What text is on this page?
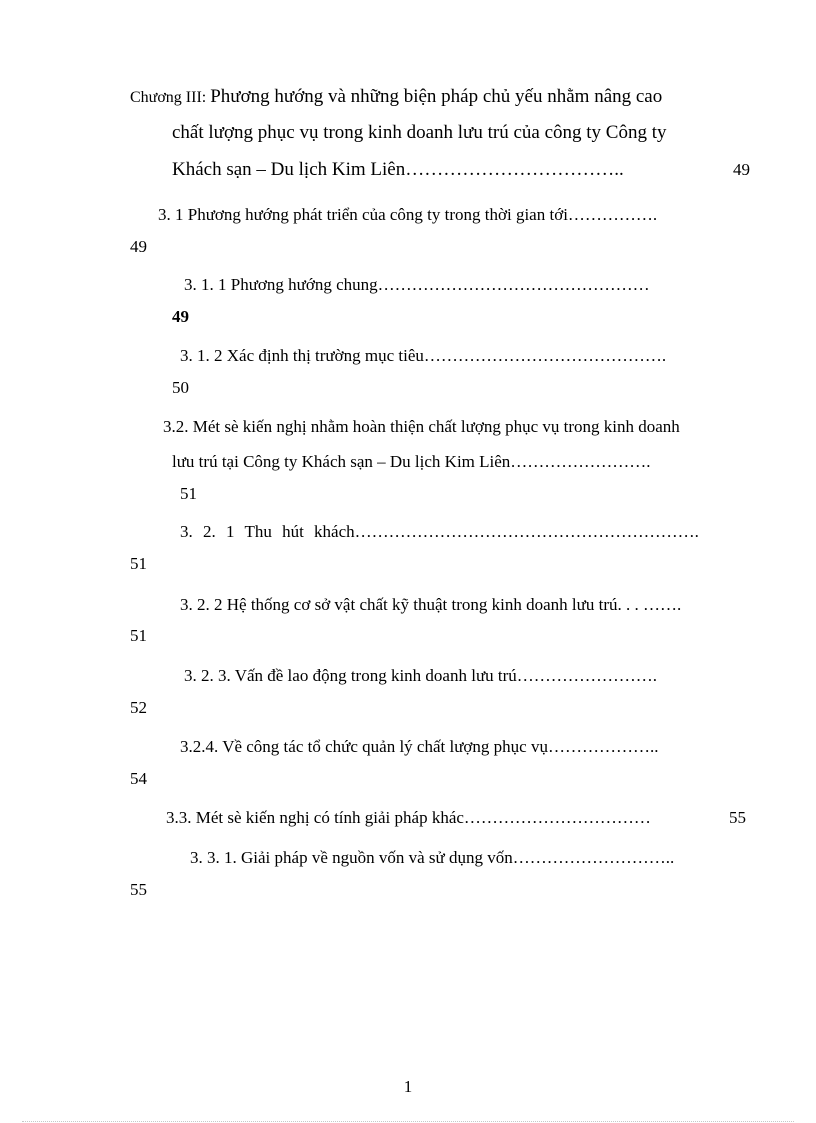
Chương III: Phương hướng và những biện pháp chủ yếu nhằm nâng cao
chất lượng phục vụ trong kinh doanh lưu trú của công ty Công ty
Khách sạn – Du lịch Kim Liên……………………………..	49
3. 1 Phương hướng phát triển của công ty trong thời gian tới…………….
49
3. 1. 1 Phương hướng chung…………………………………………
49
3. 1. 2 Xác định thị trường mục tiêu…………………………………….
50
3.2. Mét sè kiến nghị nhằm hoàn thiện chất lượng phục vụ trong kinh doanh
lưu trú tại Công ty Khách sạn – Du lịch Kim Liên…………………….
51
3. 2. 1 Thu hút khách…………………………………………………….
51
3. 2. 2 Hệ thống cơ sở vật chất kỹ thuật trong kinh doanh lưu trú. . . …….
51
3. 2. 3. Vấn đề lao động trong kinh doanh lưu trú…………………….
52
3.2.4. Về công tác tổ chức quản lý chất lượng phục vụ………………..
54
3.3. Mét sè kiến nghị có tính giải pháp khác……………………………	55
3. 3. 1. Giải pháp về nguồn vốn và sử dụng vốn………………………..
55
1
